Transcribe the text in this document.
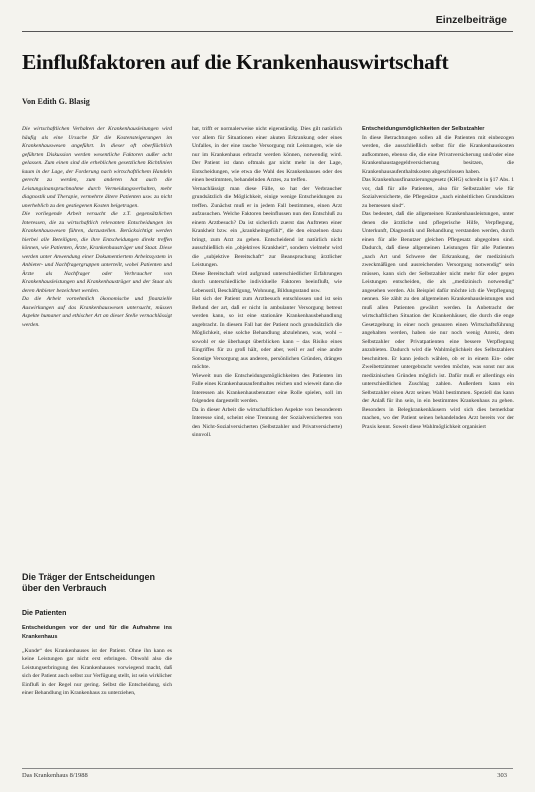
Einzelbeiträge
Einflußfaktoren auf die Krankenhauswirtschaft
Von Edith G. Blasig

Die wirtschaftlichen Verhalten der Krankenhausleitungen wird häufig als eine Ursache für die Kostensteigerungen im Krankenhauswesen angeführt. In dieser oft oberflächlich geführten Diskussion werden wesentliche Faktoren außer acht gelassen. Zum einen sind die erheblichen gesetzlichen Richtlinien kaum in der Lage, der Forderung nach wirtschaftlichem Handeln gerecht zu werden, zum anderen hat auch die Leistungsinanspruchnahme durch Vermeidungsverhalten, mehr diagnostik und Therapie, vermehrte ältere Patienten usw. zu nicht unerheblich zu den gestiegenen Kosten beigetragen.

Die vorliegende Arbeit versucht die z.T. gegensätzlichen Interessen, die zu wirtschaftlich relevanten Entscheidungen im Krankenhauswesen führen, darzustellen. Berücksichtigt werden hierbei alle Beteiligten, die ihre Entscheidungen direkt treffen können, wie Patienten, Ärzte, Krankenhausträger und Staat. Diese werden unter Anwendung einer Dokumentiertem Arbeitssystem in Anbieter- und Nachfragergruppen unterteilt, wobei Patienten und Ärzte als Nachfrager oder Verbraucher von Krankenhausleistungen und Krankenhausträger und der Staat als deren Anbieter bezeichnet werden.

Da die Arbeit vornehmlich ökonomische und finanzielle Auswirkungen auf das Krankenhauswesen untersucht, müssen Aspekte humaner und ethischer Art an dieser Stelle vernachlässigt werden.

Die Träger der Entscheidungen über den Verbrauch
Die Patienten
Entscheidungen vor der und für die Aufnahme ins Krankenhaus

„Kunde“ des Krankenhauses ist der Patient. Ohne ihn kann es keine Leistungen gar nicht erst erbringen. Obwohl also die Leistungserbringung des Krankenhauses vorwiegend macht, daß sich der Patient auch selbst zur Verfügung stellt, ist sein wirklicher Einfluß in der Regel nur gering. Selbst die Entscheidung, sich einer Behandlung im Krankenhaus zu unterziehen,

hat, trifft er normalerweise nicht eigenständig. Dies gilt natürlich vor allem für Situationen einer akuten Erkrankung oder eines Unfalles, in der eine rasche Versorgung mit Leistungen, wie sie nur im Krankenhaus erbracht werden können, notwendig wird. Der Patient ist dann oftmals gar nicht mehr in der Lage, Entscheidungen, wie etwa die Wahl des Krankenhauses oder des einen bestimmten, behandelnden Arztes, zu treffen.

Vernachlässigt man diese Fälle, so hat der Verbraucher grundsätzlich die Möglichkeit, einige wenige Entscheidungen zu treffen. Zunächst muß er in jedem Fall bestimmen, einen Arzt aufzusuchen. Welche Faktoren beeinflussen nun den Entschluß zu einem Arztbesuch? Da ist sicherlich zuerst das Auftreten einer Krankheit bzw. ein „krankheitsgefühl“, die den einzelnen dazu bringt, zum Arzt zu gehen. Entscheidend ist natürlich nicht ausschließlich ein „objektives Krankheit“, sondern vielmehr wird die „subjektive Bereitschaft“ zur Beanspruchung ärztlicher Leistungen.

Diese Bereitschaft wird aufgrund unterschiedlicher Erfahrungen durch unterschiedliche individuelle Faktoren beeinflußt, wie Lebensstil, Beschäftigung, Wohnung, Bildungsstand usw.

Hat sich der Patient zum Arztbesuch entschlossen und ist sein Befund der art, daß er nicht in ambulanter Versorgung betreut werden kann, so ist eine stationäre Krankenhausbehandlung angebracht. In diesem Fall hat der Patient noch grundsätzlich die Möglichkeit, eine solche Behandlung abzulehnen, was, wohl – sowohl er sie überhaupt überblicken kann – das Risiko eines Eingriffes für zu groß hält, oder aber, weil er auf eine andre Sonstige Versorgung aus anderen, persönlichen Gründen, drängen möchte.

Wieweit nun die Entscheidungsmöglichkeiten des Patienten im Falle eines Krankenhausaufenthaltes reichen und wieweit dann die Interessen als Krankenhausbenutzer eine Rolle spielen, soll im folgenden dargestellt werden.

Da in dieser Arbeit die wirtschaftlichen Aspekte von besonderem Interesse sind, scheint eine Trennung der Sozialversicherten von den Nicht-Sozialversicherten (Selbstzahler und Privatversicherte) sinnvoll.

Entscheidungsmöglichkeiten der Selbstzahler

In diese Betrachtungen sollen all die Patienten mit einbezogen werden, die ausschließlich selbst für die Krankenhauskosten aufkommen, ebenso die, die eine Privatversicherung und/oder eine Krankenhaustagegeldversicherung besitzen, die Krankenhausaufenthaltskosten abgeschlossen haben.

Das Krankenhausfinanzierungsgesetz (KHG) schreibt in §17 Abs. 1 vor, daß für alle Patienten, also für Selbstzahler wie für Sozialversicherte, die Pflegesätze „nach einheitlichen Grundsätzen zu bemessen sind“.

Das bedeutet, daß die allgemeinen Krankenhausleistungen, unter denen die ärztliche und pflegerische Hilfe, Verpflegung, Unterkunft, Diagnostik und Behandlung verstanden werden, durch einen für alle Benutzer gleichen Pflegesatz abgegolten sind. Dadurch, daß diese allgemeinen Leistungen für alle Patienten „nach Art und Schwere der Erkrankung, der medizinisch zweckmäßigen und ausreichenden Versorgung notwendig“ sein müssen, kann sich der Selbstzahler nicht mehr für oder gegen Leistungen entscheiden, die als „medizinisch notwendig“ angesehen werden. Als Beispiel dafür möchte ich die Verpflegung nennen. Sie zählt zu den allgemeinen Krankenhausleistungen und muß allen Patienten gewährt werden. In Anbetracht der wirtschaftlichen Situation der Krankenhäuser, die durch die enge Gesetzgebung in einer noch genauren einen Wirtschaftsführung angehalten werden, haben sie nur noch wenig Anreiz, dem Selbstzahler oder Privatpatienten eine bessere Verpflegung anzubieten. Dadurch wird die Wahlmöglichkeit des Selbstzahlers beschnitten. Er kann jedoch wählen, ob er in einem Ein- oder Zweibettzimmer untergebracht werden möchte, was sonst nur aus medizinischen Gründen möglich ist. Dafür muß er allerdings ein unterschiedlichen Zuschlag zahlen. Außerdem kann ein Selbstzahler einen Arzt seines Wahl bestimmen. Speziell das kann der Anlaß für ihn sein, in ein bestimmtes Krankenhaus zu gehen. Besonders in Belegkrankenhäusern wird sich dies bemerkbar machen, wo der Patient seinen behandelnden Arzt bereits vor der Praxis kennt. Soweit diese Wahlmöglichkeit organisiert

Das Krankenhaus 8/1988	303
